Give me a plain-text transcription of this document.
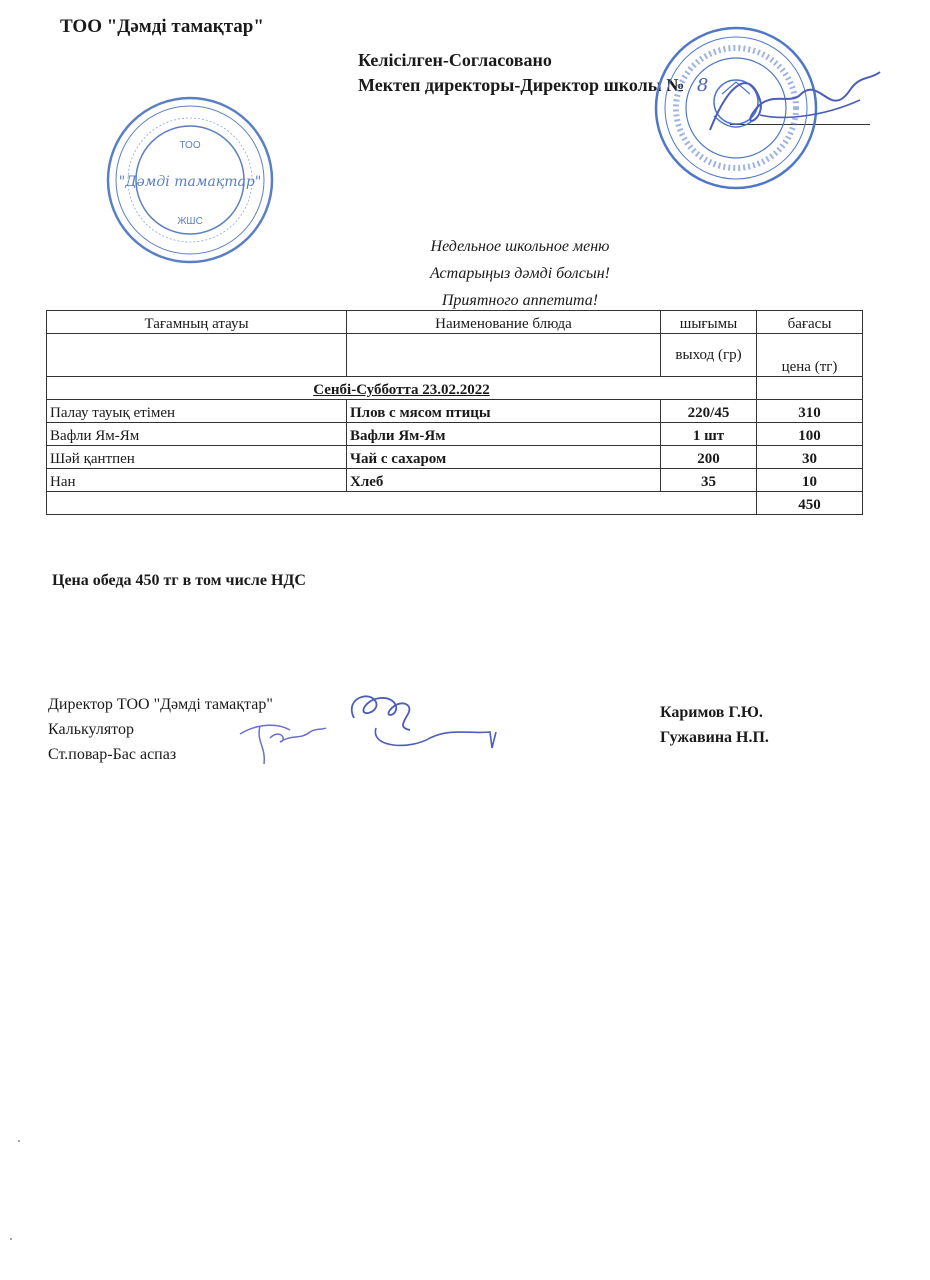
ТОО "Дәмді тамақтар"
Келісілген-Согласовано
Мектеп директоры-Директор школы № 8
ТОО
"Дәмді тамақтар"
ЖШС
Недельное школьное меню
Астарыңыз дәмді болсын!
Приятного аппетита!
Тағамның атауы	Наименование блюда	шығымы	бағасы
		выход (гр)	цена (тг)
Сенбі-Субботта 23.02.2022			
Палау тауық етімен	Плов с мясом птицы	220/45	310
Вафли Ям-Ям	Вафли Ям-Ям	1 шт	100
Шәй қантпен	Чай с сахаром	200	30
Нан	Хлеб	35	10
			450
Цена обеда 450 тг в том числе НДС
Директор ТОО "Дәмді тамақтар"
Калькулятор
Ст.повар-Бас аспаз
Каримов Г.Ю.
Гужавина Н.П.
